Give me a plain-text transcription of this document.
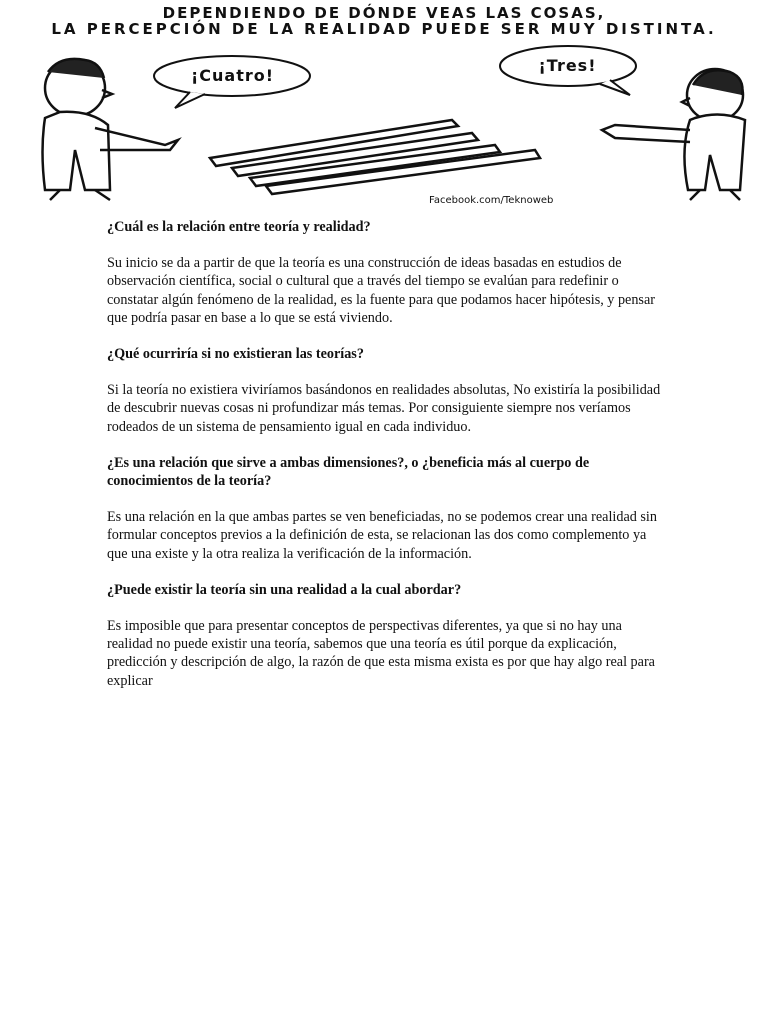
DEPENDIENDO DE DÓNDE VEAS LAS COSAS,
LA PERCEPCIÓN DE LA REALIDAD PUEDE SER MUY DISTINTA.
¡Cuatro!
¡Tres!
Facebook.com/Teknoweb
¿Cuál es la relación entre teoría y realidad?

Su inicio se da a partir de que la teoría es una construcción de ideas basadas en estudios de observación científica, social o cultural que a través del tiempo se evalúan para redefinir o constatar algún fenómeno de la realidad, es la fuente para que podamos hacer hipótesis, y pensar que podría pasar en base a lo que se está viviendo.

¿Qué ocurriría si no existieran las teorías?

Si la teoría no existiera viviríamos basándonos en realidades absolutas, No existiría la posibilidad de descubrir nuevas cosas ni profundizar más temas. Por consiguiente siempre nos veríamos rodeados de un sistema de pensamiento igual en cada individuo.

¿Es una relación que sirve a ambas dimensiones?, o ¿beneficia más al cuerpo de conocimientos de la teoría?

Es una relación en la que ambas partes se ven beneficiadas, no se podemos crear una realidad sin formular conceptos previos a la definición de esta, se relacionan las dos como complemento ya que una existe y la otra realiza la verificación de la información.

¿Puede existir la teoría sin una realidad a la cual abordar?

Es imposible que para presentar conceptos de perspectivas diferentes, ya que si no hay una realidad no puede existir una teoría, sabemos que una teoría es útil porque da explicación, predicción y descripción de algo, la razón de que esta misma exista es por que hay algo real para explicar
